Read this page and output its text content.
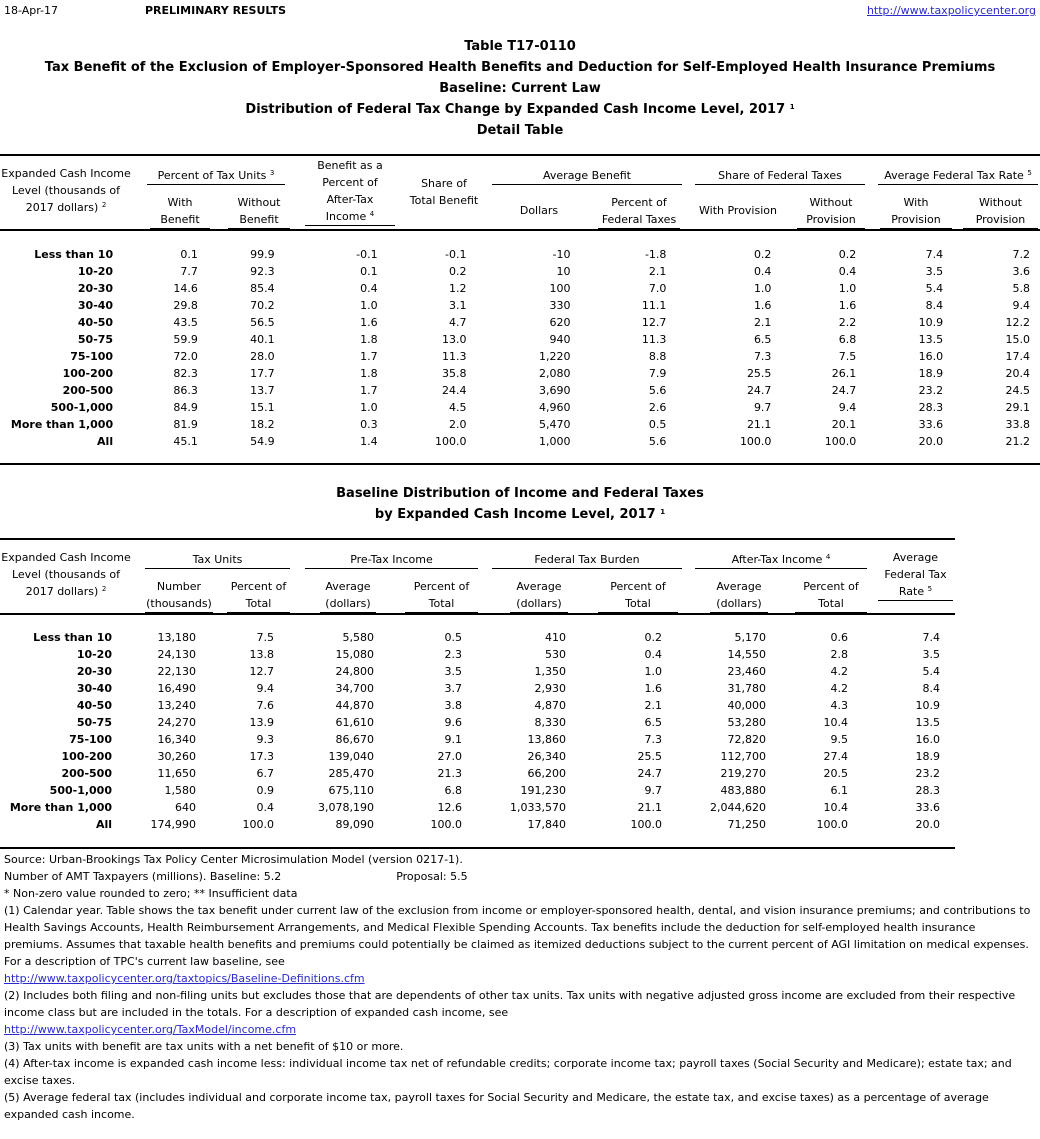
18-Apr-17	PRELIMINARY RESULTS	http://www.taxpolicycenter.org
Table T17-0110
Tax Benefit of the Exclusion of Employer-Sponsored Health Benefits and Deduction for Self-Employed Health Insurance Premiums
Baseline: Current Law
Distribution of Federal Tax Change by Expanded Cash Income Level, 2017 $^1$
Detail Table
Expanded Cash Income
Level (thousands of
2017 dollars) $^2$
Percent of Tax Units $^3$
With
Benefit
Without
Benefit
Benefit as a
Percent of
After-Tax
Income $^4$
Share of
Total Benefit
Average Benefit
Dollars
Percent of
Federal Taxes
Share of Federal Taxes
With Provision
Without
Provision
Average Federal Tax Rate $^5$
With
Provision
Without
Provision
Less than 10	0.1	99.9	-0.1	-0.1	-10	-1.8	0.2	0.2	7.4	7.2
10-20	7.7	92.3	0.1	0.2	10	2.1	0.4	0.4	3.5	3.6
20-30	14.6	85.4	0.4	1.2	100	7.0	1.0	1.0	5.4	5.8
30-40	29.8	70.2	1.0	3.1	330	11.1	1.6	1.6	8.4	9.4
40-50	43.5	56.5	1.6	4.7	620	12.7	2.1	2.2	10.9	12.2
50-75	59.9	40.1	1.8	13.0	940	11.3	6.5	6.8	13.5	15.0
75-100	72.0	28.0	1.7	11.3	1,220	8.8	7.3	7.5	16.0	17.4
100-200	82.3	17.7	1.8	35.8	2,080	7.9	25.5	26.1	18.9	20.4
200-500	86.3	13.7	1.7	24.4	3,690	5.6	24.7	24.7	23.2	24.5
500-1,000	84.9	15.1	1.0	4.5	4,960	2.6	9.7	9.4	28.3	29.1
More than 1,000	81.9	18.2	0.3	2.0	5,470	0.5	21.1	20.1	33.6	33.8
All	45.1	54.9	1.4	100.0	1,000	5.6	100.0	100.0	20.0	21.2
Baseline Distribution of Income and Federal Taxes
by Expanded Cash Income Level, 2017 $^1$
Expanded Cash Income
Level (thousands of
2017 dollars) $^2$
Tax Units
Number
(thousands)
Percent of
Total
Pre-Tax Income
Average
(dollars)
Percent of
Total
Federal Tax Burden
Average
(dollars)
Percent of
Total
After-Tax Income $^4$
Average
(dollars)
Percent of
Total
Average
Federal Tax
Rate $^5$
Less than 10	13,180	7.5	5,580	0.5	410	0.2	5,170	0.6	7.4
10-20	24,130	13.8	15,080	2.3	530	0.4	14,550	2.8	3.5
20-30	22,130	12.7	24,800	3.5	1,350	1.0	23,460	4.2	5.4
30-40	16,490	9.4	34,700	3.7	2,930	1.6	31,780	4.2	8.4
40-50	13,240	7.6	44,870	3.8	4,870	2.1	40,000	4.3	10.9
50-75	24,270	13.9	61,610	9.6	8,330	6.5	53,280	10.4	13.5
75-100	16,340	9.3	86,670	9.1	13,860	7.3	72,820	9.5	16.0
100-200	30,260	17.3	139,040	27.0	26,340	25.5	112,700	27.4	18.9
200-500	11,650	6.7	285,470	21.3	66,200	24.7	219,270	20.5	23.2
500-1,000	1,580	0.9	675,110	6.8	191,230	9.7	483,880	6.1	28.3
More than 1,000	640	0.4	3,078,190	12.6	1,033,570	21.1	2,044,620	10.4	33.6
All	174,990	100.0	89,090	100.0	17,840	100.0	71,250	100.0	20.0
Source: Urban-Brookings Tax Policy Center Microsimulation Model (version 0217-1).
Number of AMT Taxpayers (millions). Baseline: 5.2	Proposal: 5.5
* Non-zero value rounded to zero; ** Insufficient data
(1) Calendar year. Table shows the tax benefit under current law of the exclusion from income or employer-sponsored health, dental, and vision insurance premiums; and contributions to Health Savings Accounts, Health Reimbursement Arrangements, and Medical Flexible Spending Accounts. Tax benefits include the deduction for self-employed health insurance premiums. Assumes that taxable health benefits and premiums could potentially be claimed as itemized deductions subject to the current percent of AGI limitation on medical expenses.
For a description of TPC's current law baseline, see
http://www.taxpolicycenter.org/taxtopics/Baseline-Definitions.cfm
(2) Includes both filing and non-filing units but excludes those that are dependents of other tax units. Tax units with negative adjusted gross income are excluded from their respective income class but are included in the totals. For a description of expanded cash income, see
http://www.taxpolicycenter.org/TaxModel/income.cfm
(3) Tax units with benefit are tax units with a net benefit of $10 or more.
(4) After-tax income is expanded cash income less: individual income tax net of refundable credits; corporate income tax; payroll taxes (Social Security and Medicare); estate tax; and excise taxes.
(5) Average federal tax (includes individual and corporate income tax, payroll taxes for Social Security and Medicare, the estate tax, and excise taxes) as a percentage of average expanded cash income.
